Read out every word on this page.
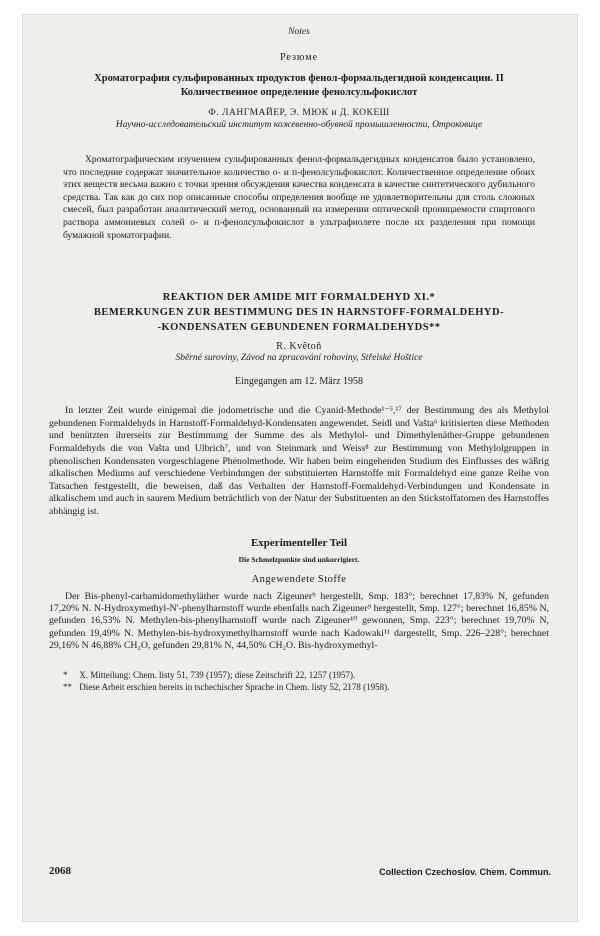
Notes
Резюме
Хроматография сульфированных продуктов фенол-формальдегидной конденсации. II
Количественное определение фенолсульфокислот
Ф. ЛАНГМАЙЕР, Э. МЮК и Д. КОКЕШ
Научно-исследовательский институт кожевенно-обувной промышленности, Отроковице

Хроматографическим изучением сульфированных фенол-формальдегидных конденсатов было установлено, что последние содержат значительное количество о- и п-фенолсульфокислот. Количественное определение обоих этих веществ весьма важно с точки зрения обсуждения качества конденсата в качестве синтетического дубильного средства. Так как до сих пор описанные способы определения вообще не удовлетворительны для столь сложных смесей, был разработан аналитический метод, основанный на измерении оптической проницаемости спиртового раствора аммониевых солей о- и п-фенолсульфокислот в ультрафиолете после их разделения при помощи бумажной хроматографии.

REAKTION DER AMIDE MIT FORMALDEHYD XI.*
BEMERKUNGEN ZUR BESTIMMUNG DES IN HARNSTOFF-FORMALDEHYD-
-KONDENSATEN GEBUNDENEN FORMALDEHYDS**
R. Kvĕtoň
Sběrné suroviny, Závod na zpracování rohoviny, Střelské Hoštice
Eingegangen am 12. März 1958

In letzter Zeit wurde einigemal die jodometrische und die Cyanid-Methode¹⁻⁵,¹⁷ der Bestimmung des als Methylol gebundenen Formaldehyds in Harnstoff-Formaldehyd-Kondensaten angewendet. Seidl und Vašta⁶ kritisierten diese Methoden und benützten ihrerseits zur Bestimmung der Summe des als Methylol- und Dimethylenäther-Gruppe gebundenen Formaldehyds die von Vašta und Ulbrich⁷, und von Steinmark und Weiss⁸ zur Bestimmung von Methylolgruppen in phenolischen Kondensaten vorgeschlagene Phenolmethode. Wir haben beim eingehenden Studium des Einflusses des wäßrig alkalischen Mediums auf verschiedene Verbindungen der substituierten Harnstoffe mit Formaldehyd eine ganze Reihe von Tatsachen festgestellt, die beweisen, daß das Verhalten der Harnstoff-Formaldehyd-Verbindungen und Kondensate in alkalischem und auch in saurem Medium beträchtlich von der Natur der Substituenten an den Stickstoffatomen des Harnstoffes abhängig ist.

Experimenteller Teil
Die Schmelzpunkte sind unkorrigiert.
Angewendete Stoffe

Der Bis-phenyl-carbamidomethyläther wurde nach Zigeuner⁹ hergestellt, Smp. 183°; berechnet 17,83% N, gefunden 17,20% N. N-Hydroxymethyl-N′-phenylharnstoff wurde ebenfalls nach Zigeuner⁹ hergestellt, Smp. 127°; berechnet 16,85% N, gefunden 16,53% N. Methylen-bis-phenylharnstoff wurde nach Zigeuner¹⁰ gewonnen, Smp. 223°; berechnet 19,70% N, gefunden 19,49% N. Methylen-bis-hydroxymethylharnstoff wurde nach Kadowaki¹¹ dargestellt, Smp. 226–228°; berechnet 29,16% N 46,88% CH₂O, gefunden 29,81% N, 44,50% CH₂O. Bis-hydroxymethyl-

* X. Mitteilung: Chem. listy 51, 739 (1957); diese Zeitschrift 22, 1257 (1957).
** Diese Arbeit erschien bereits in tschechischer Sprache in Chem. listy 52, 2178 (1958).
2068	Collection Czechoslov. Chem. Commun.
